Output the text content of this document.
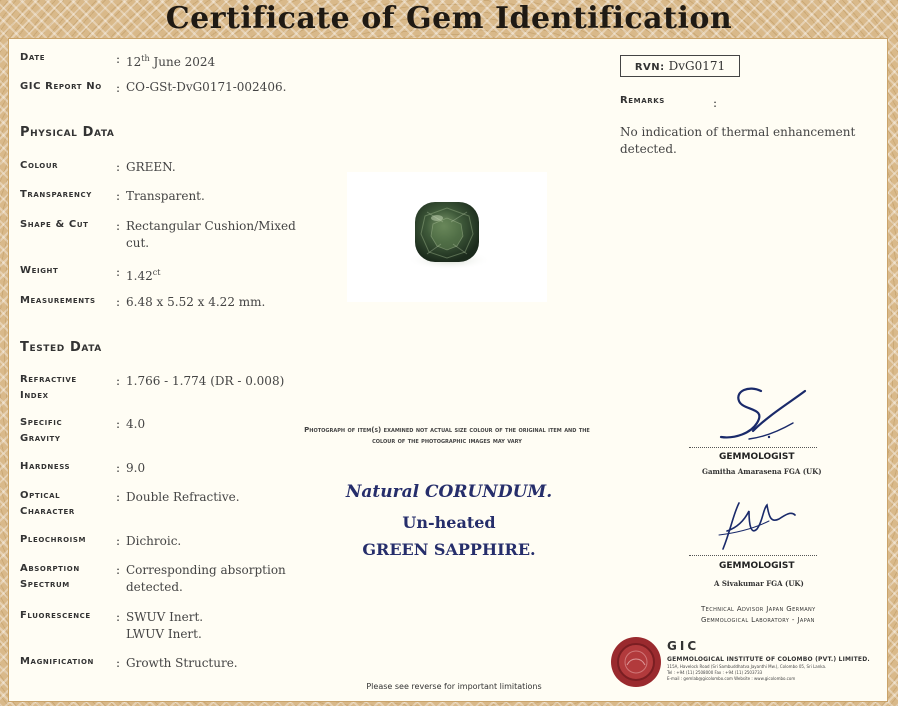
Certificate of Gem Identification
Date	: 12th June 2024
GIC Report No : CO-GSt-DvG0171-002406.
Physical Data
Colour	: GREEN.
Transparency : Transparent.
Shape & Cut : Rectangular Cushion/Mixed
cut.
Weight	: $1.42^{ct}$
Measurements : 6.48 x 5.52 x 4.22 mm.
Tested Data
Refractive
Index
: 1.766 - 1.774 (DR - 0.008)
Specific
Gravity
: 4.0
Hardness	: 9.0
Optical
Character
: Double Refractive.
Pleochroism : Dichroic.
Absorption
Spectrum
: Corresponding absorption
detected.
Fluorescence : SWUV Inert.
LWUV Inert.
Magnification : Growth Structure.
Photograph of item(s) examined not actual size colour of the original item and the colour of the photographic images may vary
Natural CORUNDUM.
Un-heated
GREEN SAPPHIRE.
RVN: DvG0171
Remarks	:
No indication of thermal enhancement
detected.
GEMMOLOGIST
Gamitha Amarasena FGA (UK)
GEMMOLOGIST
A Sivakumar FGA (UK)
Technical Advisor Japan Germany
Gemmological Laboratory - Japan
GIC
GEMMOLOGICAL INSTITUTE OF COLOMBO (PVT.) LIMITED.
115A, Havelock Road (Sri Sambuddhatva Jayanthi Mw.), Colombo 05, Sri Lanka.
Tel : +94 (11) 2508000 Fax : +94 (11) 2503733
E-mail : gemlab@gicolombo.com Website : www.gicolombo.com
Please see reverse for important limitations
